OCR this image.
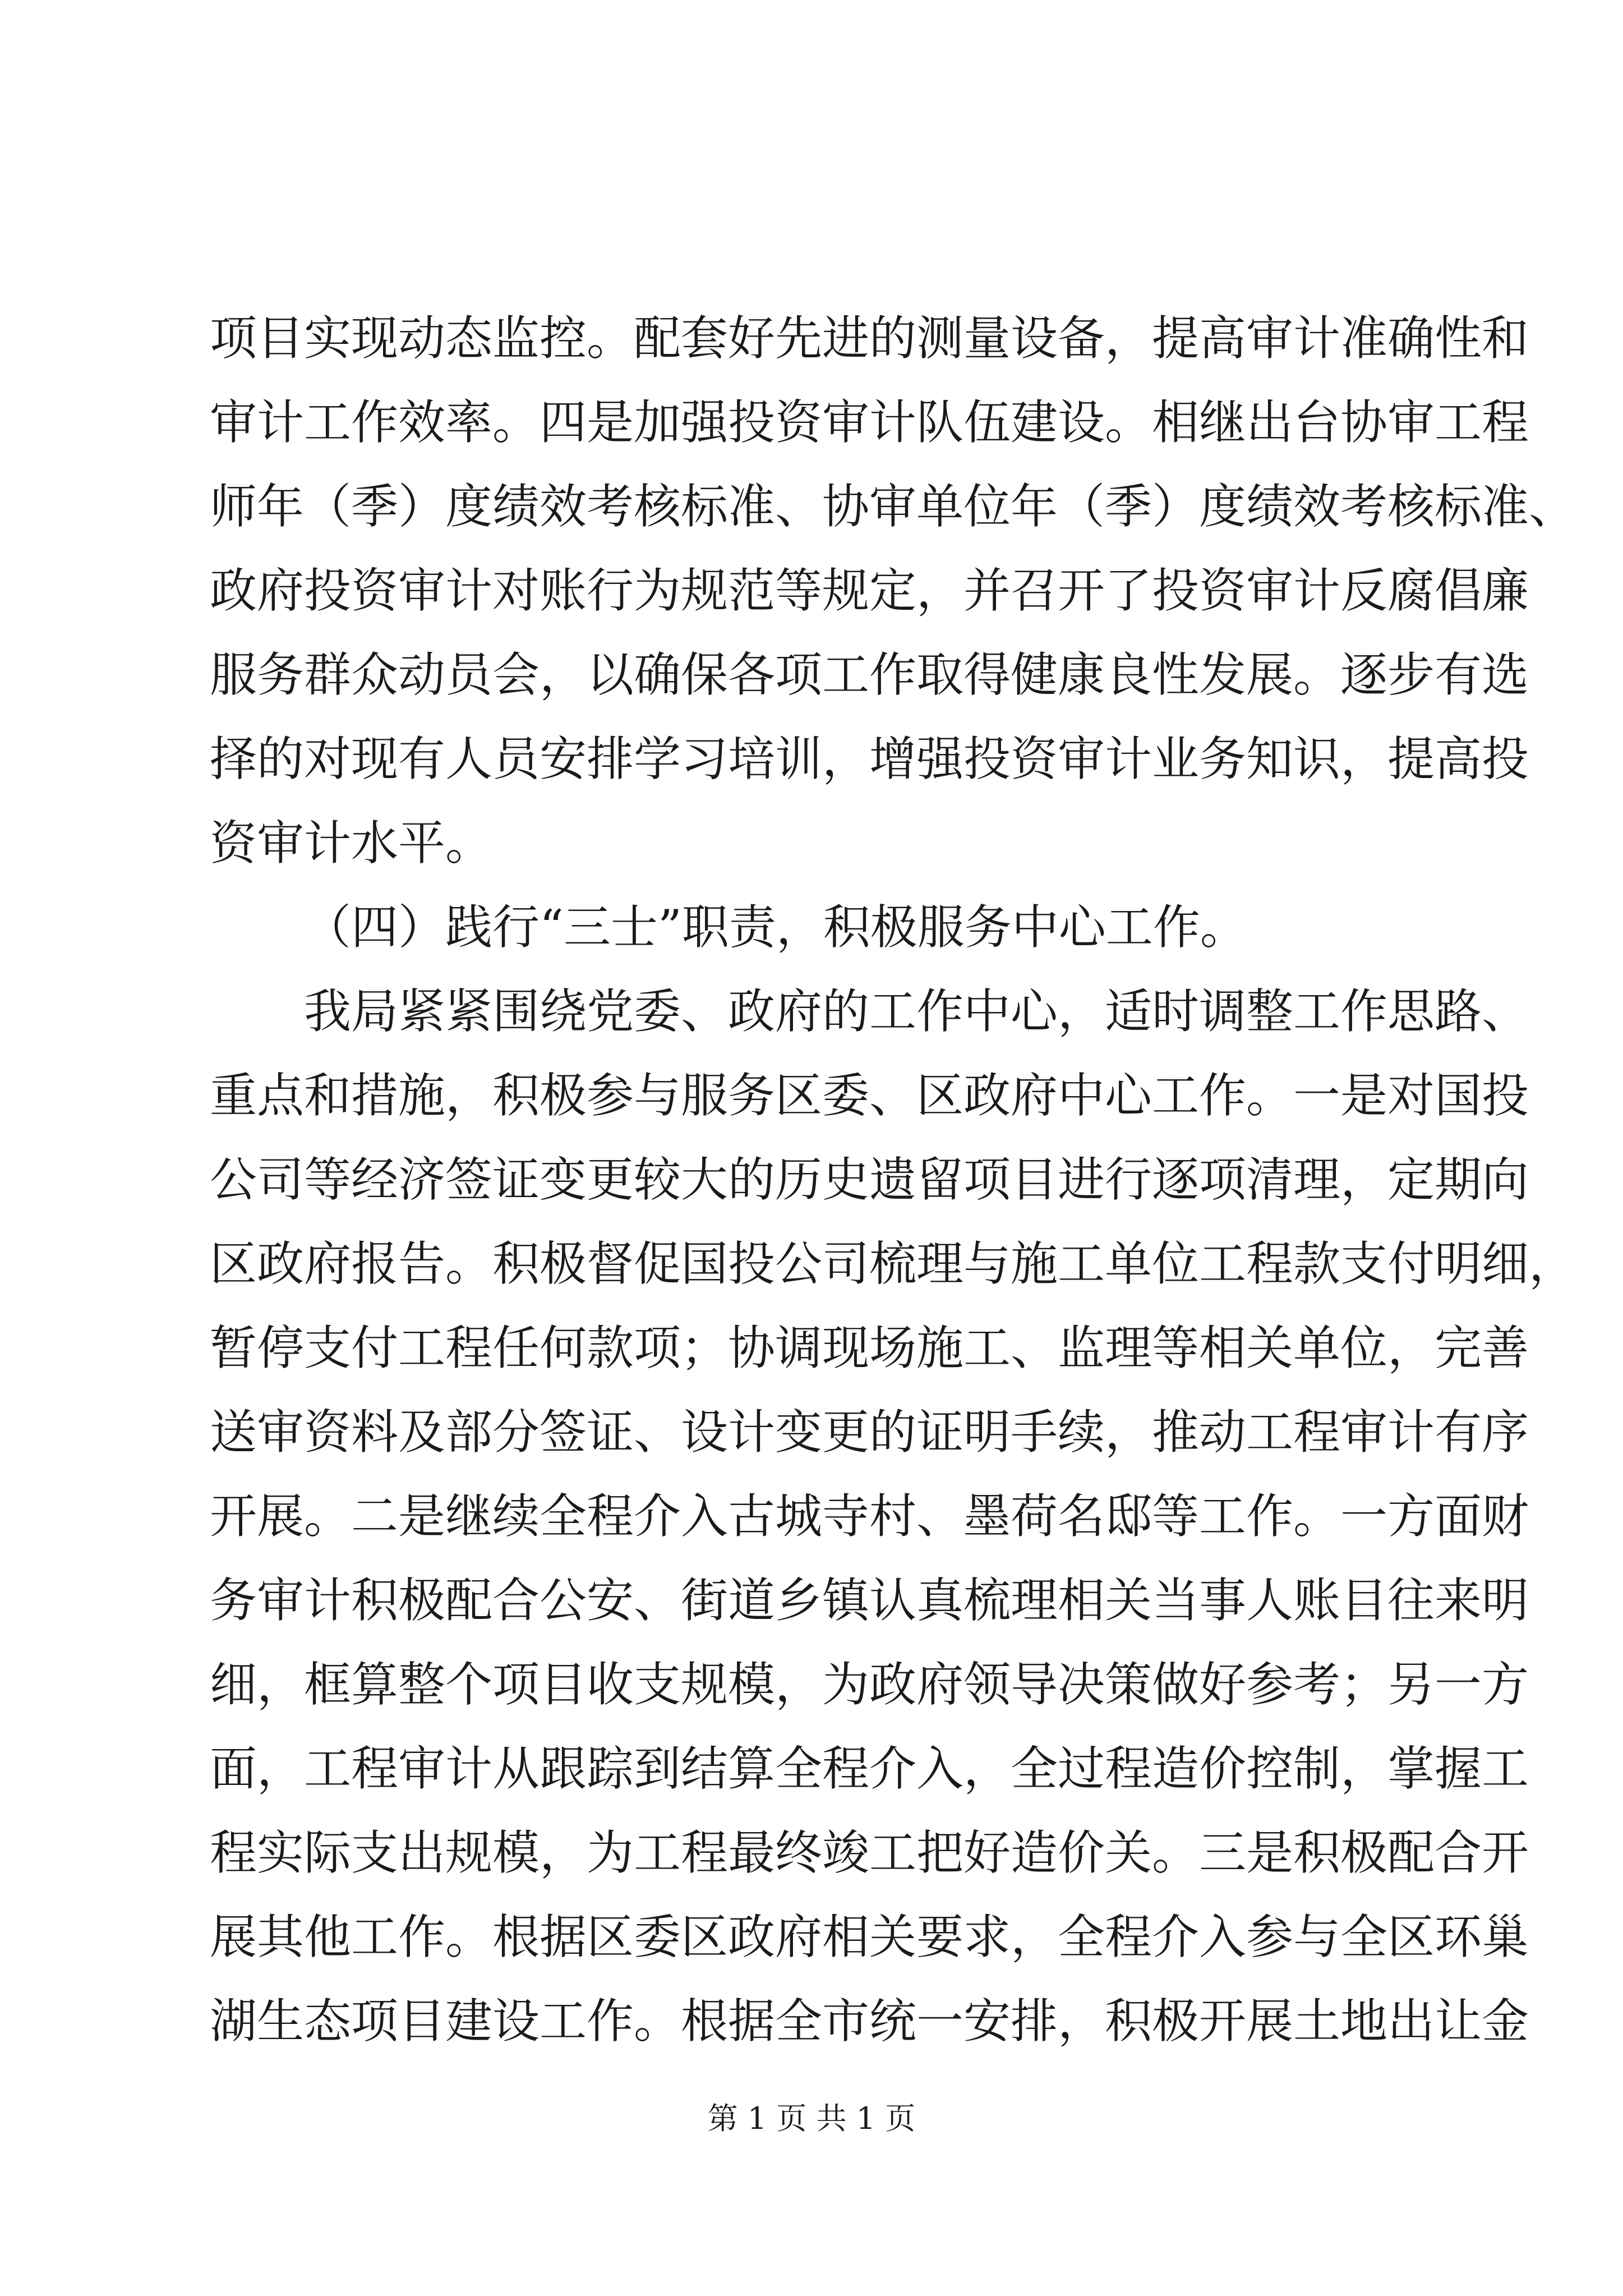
项目实现动态监控。配套好先进的测量设备，提高审计准确性和
审计工作效率。四是加强投资审计队伍建设。相继出台协审工程
师年（季）度绩效考核标准、协审单位年（季）度绩效考核标准、
政府投资审计对账行为规范等规定，并召开了投资审计反腐倡廉
服务群众动员会，以确保各项工作取得健康良性发展。逐步有选
择的对现有人员安排学习培训，增强投资审计业务知识，提高投
资审计水平。
（四）践行“三士”职责，积极服务中心工作。
我局紧紧围绕党委、政府的工作中心，适时调整工作思路、
重点和措施，积极参与服务区委、区政府中心工作。一是对国投
公司等经济签证变更较大的历史遗留项目进行逐项清理，定期向
区政府报告。积极督促国投公司梳理与施工单位工程款支付明细，
暂停支付工程任何款项；协调现场施工、监理等相关单位，完善
送审资料及部分签证、设计变更的证明手续，推动工程审计有序
开展。二是继续全程介入古城寺村、墨荷名邸等工作。一方面财
务审计积极配合公安、街道乡镇认真梳理相关当事人账目往来明
细，框算整个项目收支规模，为政府领导决策做好参考；另一方
面，工程审计从跟踪到结算全程介入，全过程造价控制，掌握工
程实际支出规模，为工程最终竣工把好造价关。三是积极配合开
展其他工作。根据区委区政府相关要求，全程介入参与全区环巢
湖生态项目建设工作。根据全市统一安排，积极开展土地出让金
第 1 页 共 1 页
